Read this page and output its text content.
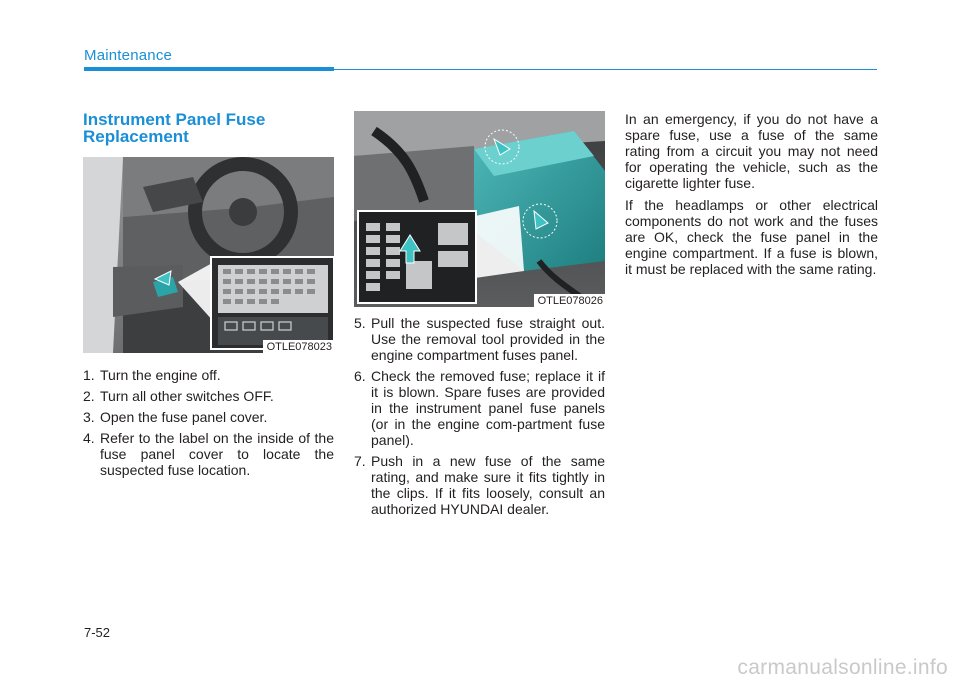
Maintenance
Instrument Panel Fuse Replacement
OTLE078023
1. Turn the engine off.
2. Turn all other switches OFF.
3. Open the fuse panel cover.
4. Refer to the label on the inside of the fuse panel cover to locate the suspected fuse location.
OTLE078026
5. Pull the suspected fuse straight out. Use the removal tool provided in the engine compartment fuses panel.
6. Check the removed fuse; replace it if it is blown. Spare fuses are provided in the instrument panel fuse panels (or in the engine com-partment fuse panel).
7. Push in a new fuse of the same rating, and make sure it fits tightly in the clips. If it fits loosely, consult an authorized HYUNDAI dealer.

In an emergency, if you do not have a spare fuse, use a fuse of the same rating from a circuit you may not need for operating the vehicle, such as the cigarette lighter fuse.

If the headlamps or other electrical components do not work and the fuses are OK, check the fuse panel in the engine compartment. If a fuse is blown, it must be replaced with the same rating.

7-52
carmanualsonline.info
